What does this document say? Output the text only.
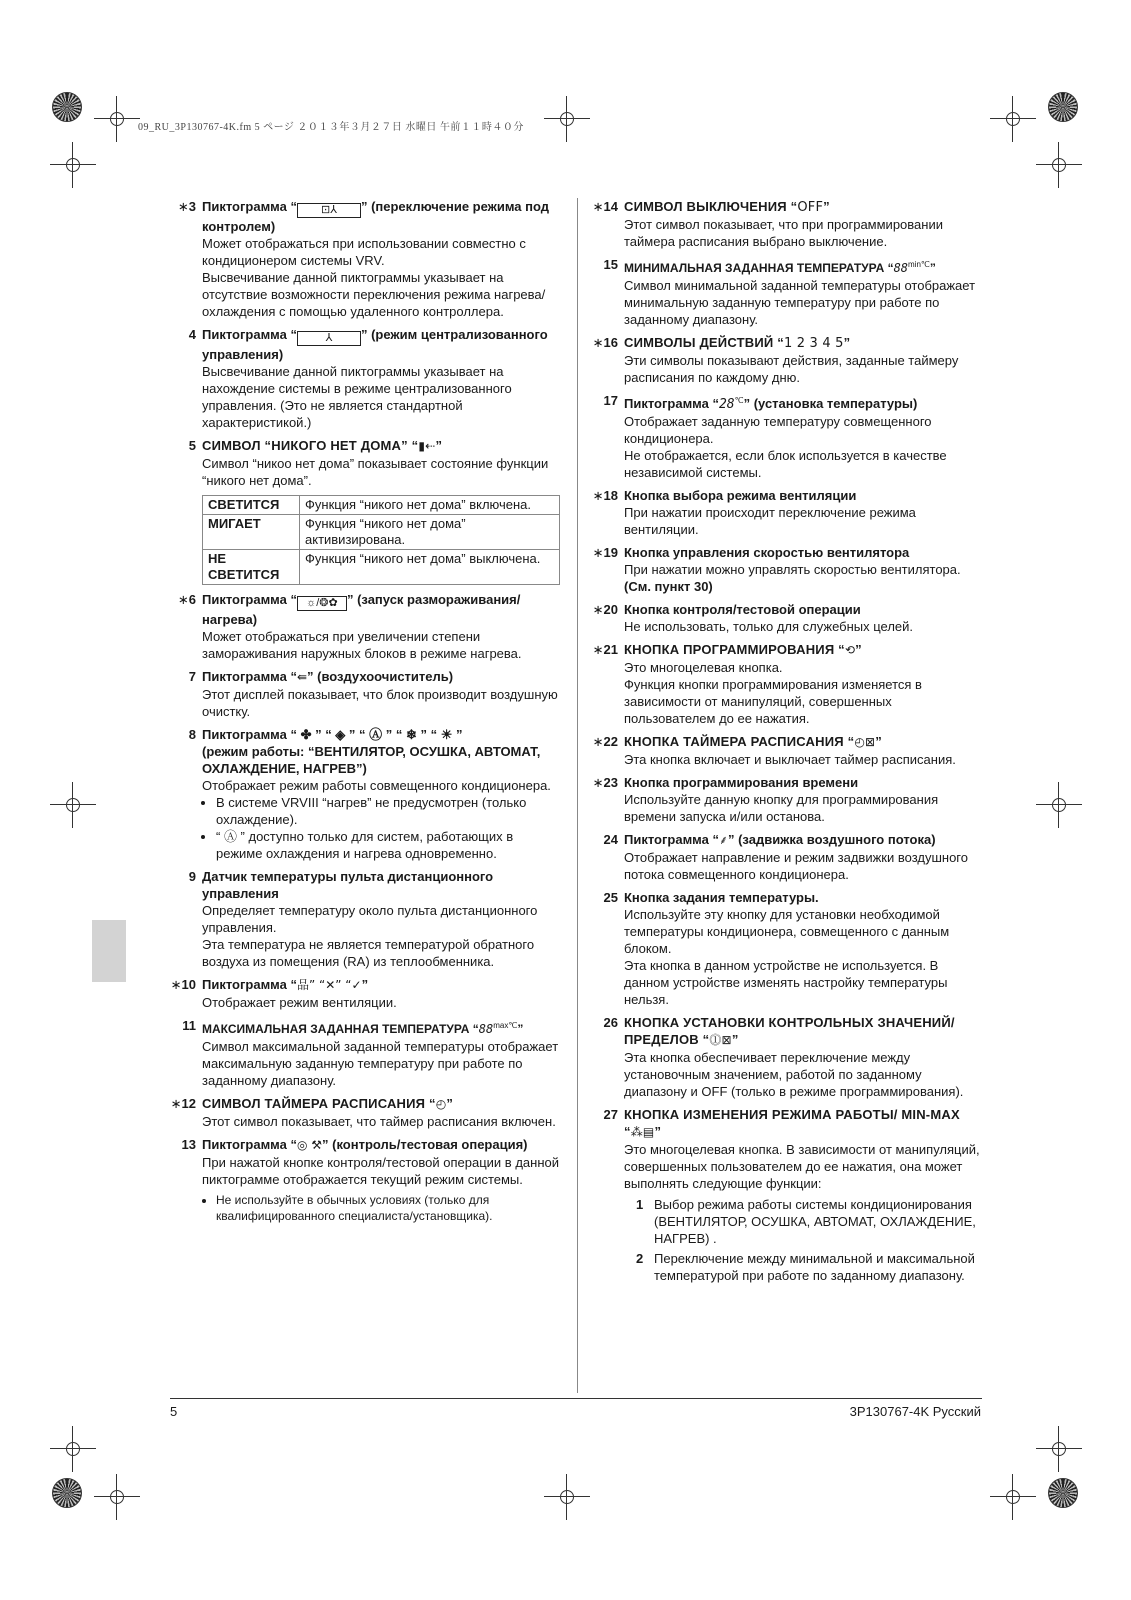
09_RU_3P130767-4K.fm 5 ページ ２０１３年３月２７日 水曜日 午前１１時４０分
∗3 Пиктограмма “ ⊡⅄ ” (переключение режима под контролем)

Может отображаться при использовании совместно с кондиционером системы VRV.

Высвечивание данной пиктограммы указывает на отсутствие возможности переключения режима нагрева/охлаждения с помощью удаленного контроллера.

4 Пиктограмма “	⅄ ” (режим централизованного управления)

Высвечивание данной пиктограммы указывает на нахождение системы в режиме централизованного управления. (Это не является стандартной характеристикой.)

5 СИМВОЛ “НИКОГО НЕТ ДОМА” “▮⇠”

Символ “никоо нет дома” показывает состояние функции “никого нет дома”.

СВЕТИТСЯ	Функция “никого нет дома” включена.
МИГАЕТ	Функция “никого нет дома” активизирована.
НЕ СВЕТИТСЯ	Функция “никого нет дома” выключена.
∗6 Пиктограмма “ ☼/❂✿ ” (запуск размораживания/нагрева)

Может отображаться при увеличении степени замораживания наружных блоков в режиме нагрева.

7 Пиктограмма “⇚” (воздухоочиститель)

Этот дисплей показывает, что блок производит воздушную очистку.

8 Пиктограмма “ ✤ ” “ ◈ ” “ Ⓐ ” “ ❄ ” “ ☀ ”
(режим работы: “ВЕНТИЛЯТОР, ОСУШКА, АВТОМАТ, ОХЛАЖДЕНИЕ, НАГРЕВ”)

Отображает режим работы совмещенного кондиционера.

• В системе VRVIII “нагрев” не предусмотрен (только охлаждение).
• “ Ⓐ ” доступно только для систем, работающих в режиме охлаждения и нагрева одновременно.
9 Датчик температуры пульта дистанционного управления

Определяет температуру около пульта дистанционного управления.

Эта температура не является температурой обратного воздуха из помещения (RA) из теплообменника.

∗10 Пиктограмма “品” “✕” “✓”

Отображает режим вентиляции.

11 МАКСИМАЛЬНАЯ ЗАДАННАЯ ТЕМПЕРАТУРА “$88^{max℃}$”

Символ максимальной заданной температуры отображает максимальную заданную температуру при работе по заданному диапазону.

∗12 СИМВОЛ ТАЙМЕРА РАСПИСАНИЯ “◴”

Этот символ показывает, что таймер расписания включен.

13 Пиктограмма “◎ ⚒” (контроль/тестовая операция)

При нажатой кнопке контроля/тестовой операции в данной пиктограмме отображается текущий режим системы.

• Не используйте в обычных условиях (только для квалифицированного специалиста/установщика).
∗14 СИМВОЛ ВЫКЛЮЧЕНИЯ “OFF”

Этот символ показывает, что при программировании таймера расписания выбрано выключение.

15 МИНИМАЛЬНАЯ ЗАДАННАЯ ТЕМПЕРАТУРА “$88^{min℃}$”

Символ минимальной заданной температуры отображает минимальную заданную температуру при работе по заданному диапазону.

∗16 СИМВОЛЫ ДЕЙСТВИЙ “1 2 3 4 5”

Эти символы показывают действия, заданные таймеру расписания по каждому дню.

17 Пиктограмма “28℃” (установка температуры)

Отображает заданную температуру совмещенного кондиционера.

Не отображается, если блок используется в качестве независимой системы.

∗18 Кнопка выбора режима вентиляции

При нажатии происходит переключение режима вентиляции.

∗19 Кнопка управления скоростью вентилятора

При нажатии можно управлять скоростью вентилятора. (См. пункт 30)

∗20 Кнопка контроля/тестовой операции

Не использовать, только для служебных целей.

∗21 КНОПКА ПРОГРАММИРОВАНИЯ “⟲”

Это многоцелевая кнопка.

Функция кнопки программирования изменяется в зависимости от манипуляций, совершенных пользователем до ее нажатия.

∗22 КНОПКА ТАЙМЕРА РАСПИСАНИЯ “◴⊠”

Эта кнопка включает и выключает таймер расписания.

∗23 Кнопка программирования времени

Используйте данную кнопку для программирования времени запуска и/или останова.

24 Пиктограмма “⸙” (задвижка воздушного потока)

Отображает направление и режим задвижки воздушного потока совмещенного кондиционера.

25 Кнопка задания температуры.

Используйте эту кнопку для установки необходимой температуры кондиционера, совмещенного с данным блоком.

Эта кнопка в данном устройстве не используется. В данном устройстве изменять настройку температуры нельзя.

26 КНОПКА УСТАНОВКИ КОНТРОЛЬНЫХ ЗНАЧЕНИЙ/ПРЕДЕЛОВ “⓵⊠”

Эта кнопка обеспечивает переключение между установочным значением, работой по заданному диапазону и OFF (только в режиме программирования).

27 КНОПКА ИЗМЕНЕНИЯ РЕЖИМА РАБОТЫ/ MIN-MAX “⁂▤”

Это многоцелевая кнопка. В зависимости от манипуляций, совершенных пользователем до ее нажатия, она может выполнять следующие функции:

1 Выбор режима работы системы кондиционирования (ВЕНТИЛЯТОР, ОСУШКА, АВТОМАТ, ОХЛАЖДЕНИЕ, НАГРЕВ) .
2 Переключение между минимальной и максимальной температурой при работе по заданному диапазону.
5	3P130767-4K Русский
